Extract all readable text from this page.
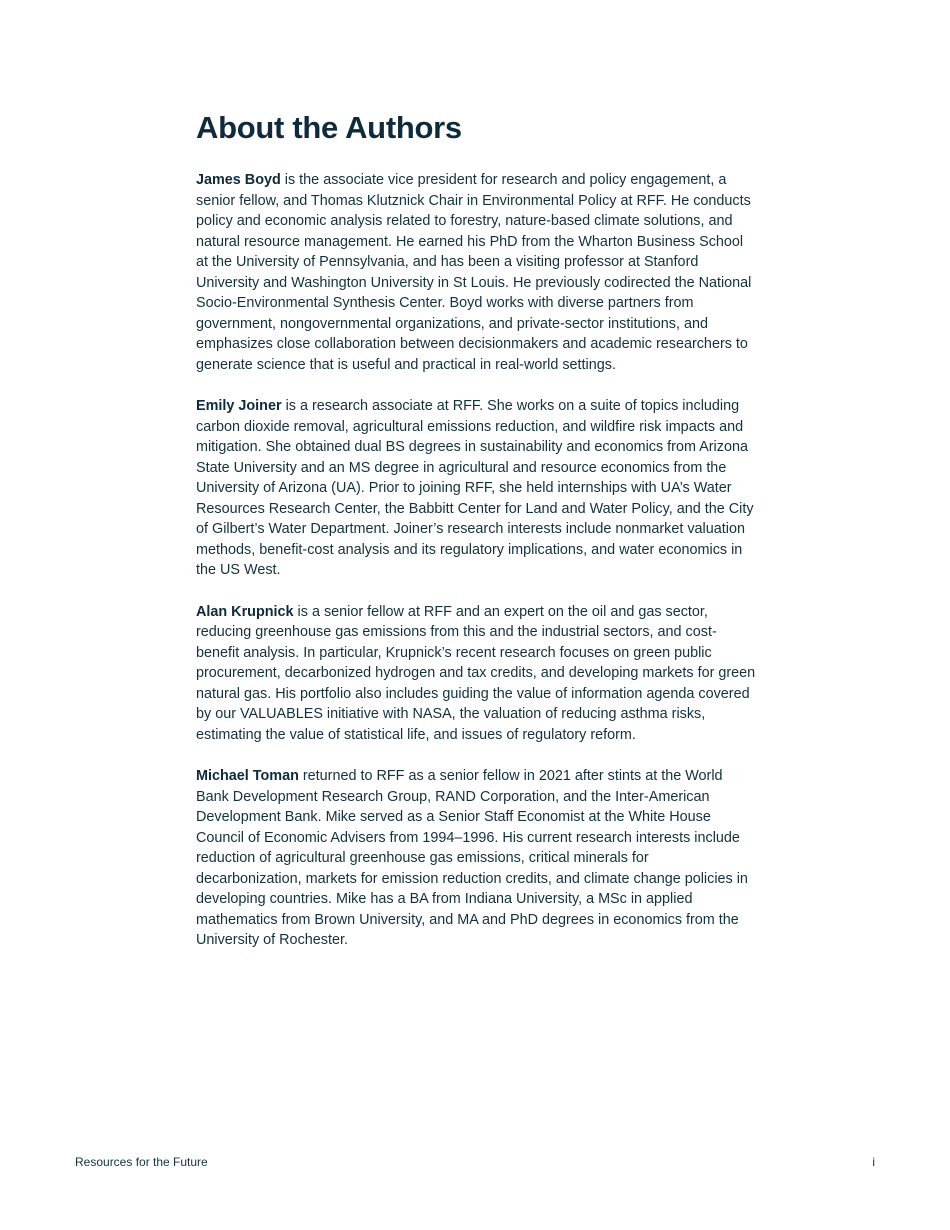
About the Authors

James Boyd is the associate vice president for research and policy engagement, a senior fellow, and Thomas Klutznick Chair in Environmental Policy at RFF. He conducts policy and economic analysis related to forestry, nature-based climate solutions, and natural resource management. He earned his PhD from the Wharton Business School at the University of Pennsylvania, and has been a visiting professor at Stanford University and Washington University in St Louis. He previously codirected the National Socio-Environmental Synthesis Center. Boyd works with diverse partners from government, nongovernmental organizations, and private-sector institutions, and emphasizes close collaboration between decisionmakers and academic researchers to generate science that is useful and practical in real-world settings.

Emily Joiner is a research associate at RFF. She works on a suite of topics including carbon dioxide removal, agricultural emissions reduction, and wildfire risk impacts and mitigation. She obtained dual BS degrees in sustainability and economics from Arizona State University and an MS degree in agricultural and resource economics from the University of Arizona (UA). Prior to joining RFF, she held internships with UA’s Water Resources Research Center, the Babbitt Center for Land and Water Policy, and the City of Gilbert’s Water Department. Joiner’s research interests include nonmarket valuation methods, benefit-cost analysis and its regulatory implications, and water economics in the US West.

Alan Krupnick is a senior fellow at RFF and an expert on the oil and gas sector, reducing greenhouse gas emissions from this and the industrial sectors, and cost-benefit analysis. In particular, Krupnick’s recent research focuses on green public procurement, decarbonized hydrogen and tax credits, and developing markets for green natural gas. His portfolio also includes guiding the value of information agenda covered by our VALUABLES initiative with NASA, the valuation of reducing asthma risks, estimating the value of statistical life, and issues of regulatory reform.

Michael Toman returned to RFF as a senior fellow in 2021 after stints at the World Bank Development Research Group, RAND Corporation, and the Inter-American Development Bank. Mike served as a Senior Staff Economist at the White House Council of Economic Advisers from 1994–1996. His current research interests include reduction of agricultural greenhouse gas emissions, critical minerals for decarbonization, markets for emission reduction credits, and climate change policies in developing countries. Mike has a BA from Indiana University, a MSc in applied mathematics from Brown University, and MA and PhD degrees in economics from the University of Rochester.

Resources for the Future	i
